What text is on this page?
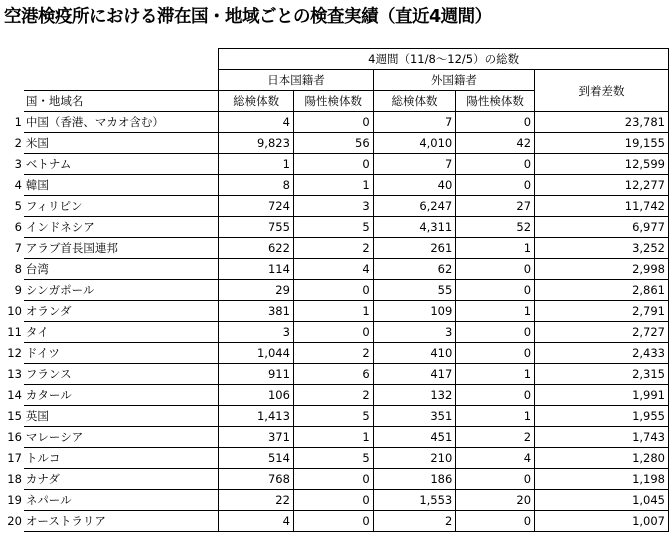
空港検疫所における滞在国・地域ごとの検査実績（直近4週間）
		4週間（11/8〜12/5）の総数				
		日本国籍者		外国籍者		到着差数
	国・地域名	総検体数	陽性検体数	総検体数	陽性検体数	
1	中国（香港、マカオ含む）	4	0	7	0	23,781
2	米国	9,823	56	4,010	42	19,155
3	ベトナム	1	0	7	0	12,599
4	韓国	8	1	40	0	12,277
5	フィリピン	724	3	6,247	27	11,742
6	インドネシア	755	5	4,311	52	6,977
7	アラブ首長国連邦	622	2	261	1	3,252
8	台湾	114	4	62	0	2,998
9	シンガポール	29	0	55	0	2,861
10	オランダ	381	1	109	1	2,791
11	タイ	3	0	3	0	2,727
12	ドイツ	1,044	2	410	0	2,433
13	フランス	911	6	417	1	2,315
14	カタール	106	2	132	0	1,991
15	英国	1,413	5	351	1	1,955
16	マレーシア	371	1	451	2	1,743
17	トルコ	514	5	210	4	1,280
18	カナダ	768	0	186	0	1,198
19	ネパール	22	0	1,553	20	1,045
20	オーストラリア	4	0	2	0	1,007
